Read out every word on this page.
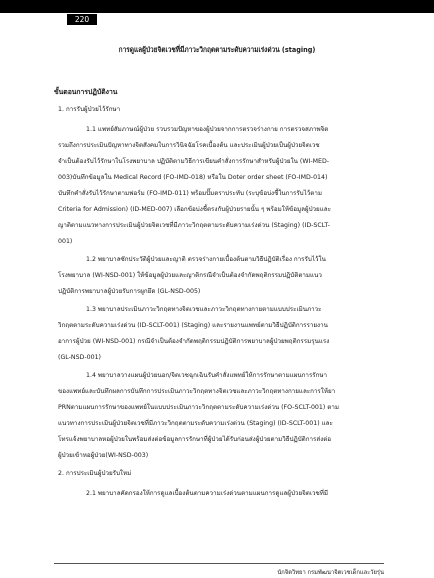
220
การดูแลผู้ป่วยจิตเวชที่มีภาวะวิกฤตตามระดับความเร่งด่วน (staging)
ขั้นตอนการปฏิบัติงาน
1. การรับผู้ป่วยไว้รักษา
1.1 แพทย์สัมภาษณ์ผู้ป่วย รวบรวมปัญหาของผู้ป่วยจากการตรวจร่างกาย การตรวจสภาพจิต
รวมถึงการประเมินปัญหาทางจิตสังคมในการวินิจฉัยโรคเบื้องต้น และประเมินผู้ป่วยเป็นผู้ป่วยจิตเวช
จำเป็นต้องรับไว้รักษาในโรงพยาบาล ปฏิบัติตามวิธีการเขียนคำสั่งการรักษาสำหรับผู้ป่วยใน (WI-MED-
003)บันทึกข้อมูลใน Medical Record (FO-IMD-018) หรือใน Doter order sheet (FO-IMD-014)
บันทึกคำสั่งรับไว้รักษาตามฟอร์ม (FO-IMD-011) พร้อมปั๊มตราประทับ (ระบุข้อบ่งชี้ในการรับไว้ตาม
Criteria for Admission) (ID-MED-007) เลือกข้อบ่งชี้ตรงกับผู้ป่วยรายนั้น ๆ พร้อมให้ข้อมูลผู้ป่วยและ
ญาติตามแนวทางการประเมินผู้ป่วยจิตเวชที่มีภาวะวิกฤตตามระดับความเร่งด่วน (Staging) (ID-SCLT-
001)
1.2 พยาบาลซักประวัติผู้ป่วยและญาติ ตรวจร่างกายเบื้องต้นตามวิธีปฏิบัติเรื่อง การรับไว้ใน
โรงพยาบาล (WI-NSD-001) ให้ข้อมูลผู้ป่วยและญาติกรณีจำเป็นต้องจำกัดพฤติกรรมปฏิบัติตามแนว
ปฏิบัติการพยาบาลผู้ป่วยรับการผูกยึด (GL-NSD-005)
1.3 พยาบาลประเมินภาวะวิกฤตทางจิตเวชและภาวะวิกฤตทางกายตามแบบประเมินภาวะ
วิกฤตตามระดับความเร่งด่วน (ID-SCLT-001) (Staging) และรายงานแพทย์ตามวิธีปฏิบัติการรายงาน
อาการผู้ป่วย (WI-NSD-001) กรณีจำเป็นต้องจำกัดพฤติกรรมปฏิบัติการพยาบาลผู้ป่วยพฤติกรรมรุนแรง
(GL-NSD-001)
1.4 พยาบาลวางแผนผู้ป่วยนอก/จิตเวชฉุกเฉินรับคำสั่งแพทย์ให้การรักษาตามแผนการรักษา
ของแพทย์และบันทึกผลการบันทึกการประเมินภาวะวิกฤตทางจิตเวชและภาวะวิกฤตทางกายและการให้ยา
PRNตามแผนการรักษาของแพทย์ในแบบประเมินภาวะวิกฤตตามระดับความเร่งด่วน (FO-SCLT-001) ตาม
แนวทางการประเมินผู้ป่วยจิตเวชที่มีภาวะวิกฤตตามระดับความเร่งด่วน (Staging) (ID-SCLT-001) และ
โทรแจ้งพยาบาลหอผู้ป่วยในพร้อมส่งต่อข้อมูลการรักษาที่ผู้ป่วยได้รับก่อนส่งผู้ป่วยตามวิธีปฏิบัติการส่งต่อ
ผู้ป่วยเข้าหอผู้ป่วย(WI-NSD-003)
2. การประเมินผู้ป่วยรับใหม่
2.1 พยาบาลคัดกรองให้การดูแลเบื้องต้นตามความเร่งด่วนตามแผนการดูแลผู้ป่วยจิตเวชที่มี
นักจิตวิทยา กรมพัฒนาจิตเวชเด็กและวัยรุ่น
